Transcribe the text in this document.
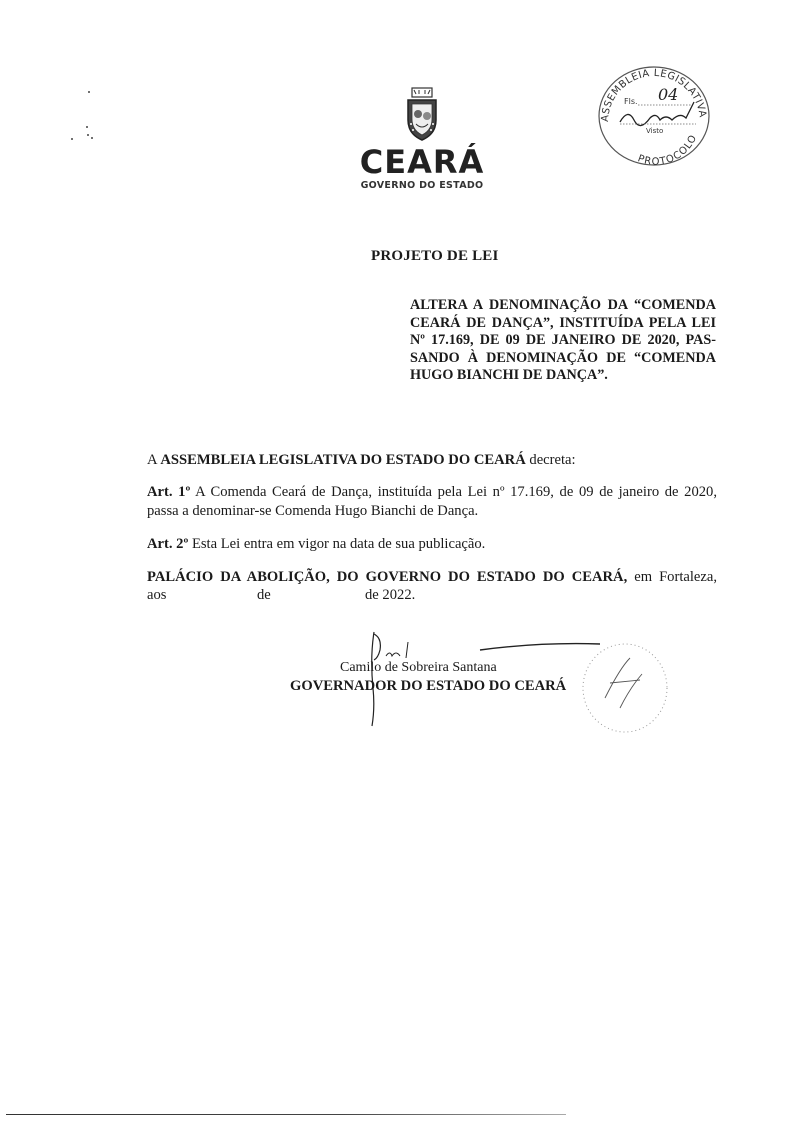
CEARÁ
GOVERNO DO ESTADO
ASSEMBLEIA LEGISLATIVA
PROTOCOLO
Fls. 04
Visto
PROJETO DE LEI
ALTERA A DENOMINAÇÃO DA “COMENDA
CEARÁ DE DANÇA”, INSTITUÍDA PELA LEI
Nº 17.169, DE 09 DE JANEIRO DE 2020, PAS-
SANDO À DENOMINAÇÃO DE “COMENDA
HUGO BIANCHI DE DANÇA”.
A ASSEMBLEIA LEGISLATIVA DO ESTADO DO CEARÁ decreta:
Art. 1º A Comenda Ceará de Dança, instituída pela Lei nº 17.169, de 09 de janeiro de 2020, passa a denominar-se Comenda Hugo Bianchi de Dança.
Art. 2º Esta Lei entra em vigor na data de sua publicação.
PALÁCIO DA ABOLIÇÃO, DO GOVERNO DO ESTADO DO CEARÁ, em Fortaleza,
aos	de	de 2022.
Camilo de Sobreira Santana
GOVERNADOR DO ESTADO DO CEARÁ
